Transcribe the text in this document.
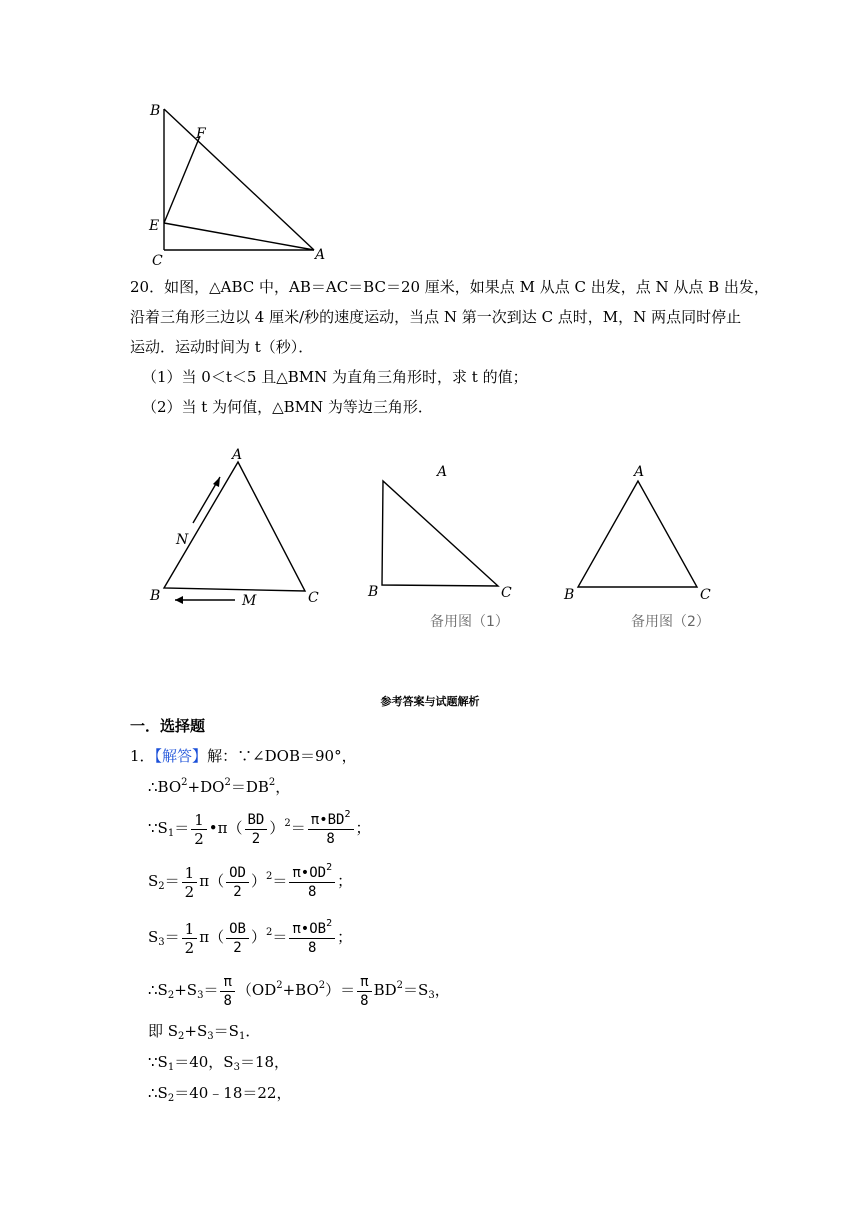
B
F
E
C	A
20．如图，△ABC 中，AB＝AC＝BC＝20 厘米，如果点 M 从点 C 出发，点 N 从点 B 出发，
沿着三角形三边以 4 厘米/秒的速度运动，当点 N 第一次到达 C 点时，M，N 两点同时停止
运动．运动时间为 t（秒）．
（1）当 0＜t＜5 且△BMN 为直角三角形时，求 t 的值；
（2）当 t 为何值，△BMN 为等边三角形．
A
B	C
N
M
A
B	C
备用图（1）
A
B	C
备用图（2）
参考答案与试题解析
一．选择题
1．【解答】解：∵∠DOB＝90°，
$\therefore BO^2+DO^2=DB^2$，
$\because S_1= \frac{1}{2}$ •π（ $\frac{BD}{2} )^2= \frac{\pi•BD^2}{8}$ ；
$S_2= \frac{1}{2} \pi( \frac{OD}{2} )^2= \frac{\pi•OD^2}{8}$ ；
$S_3= \frac{1}{2} \pi( \frac{OB}{2} )^2= \frac{\pi•OB^2}{8}$ ；
$\therefore S_2+S_3= \frac{\pi}{8} (OD^2+BO^2)= \frac{\pi}{8} BD^2=S_3$，
即 $S_2+S_3=S_1$．
$\because S_1=40$，$S_3=18$，
$\therefore S_2=40﹣18=22$，
